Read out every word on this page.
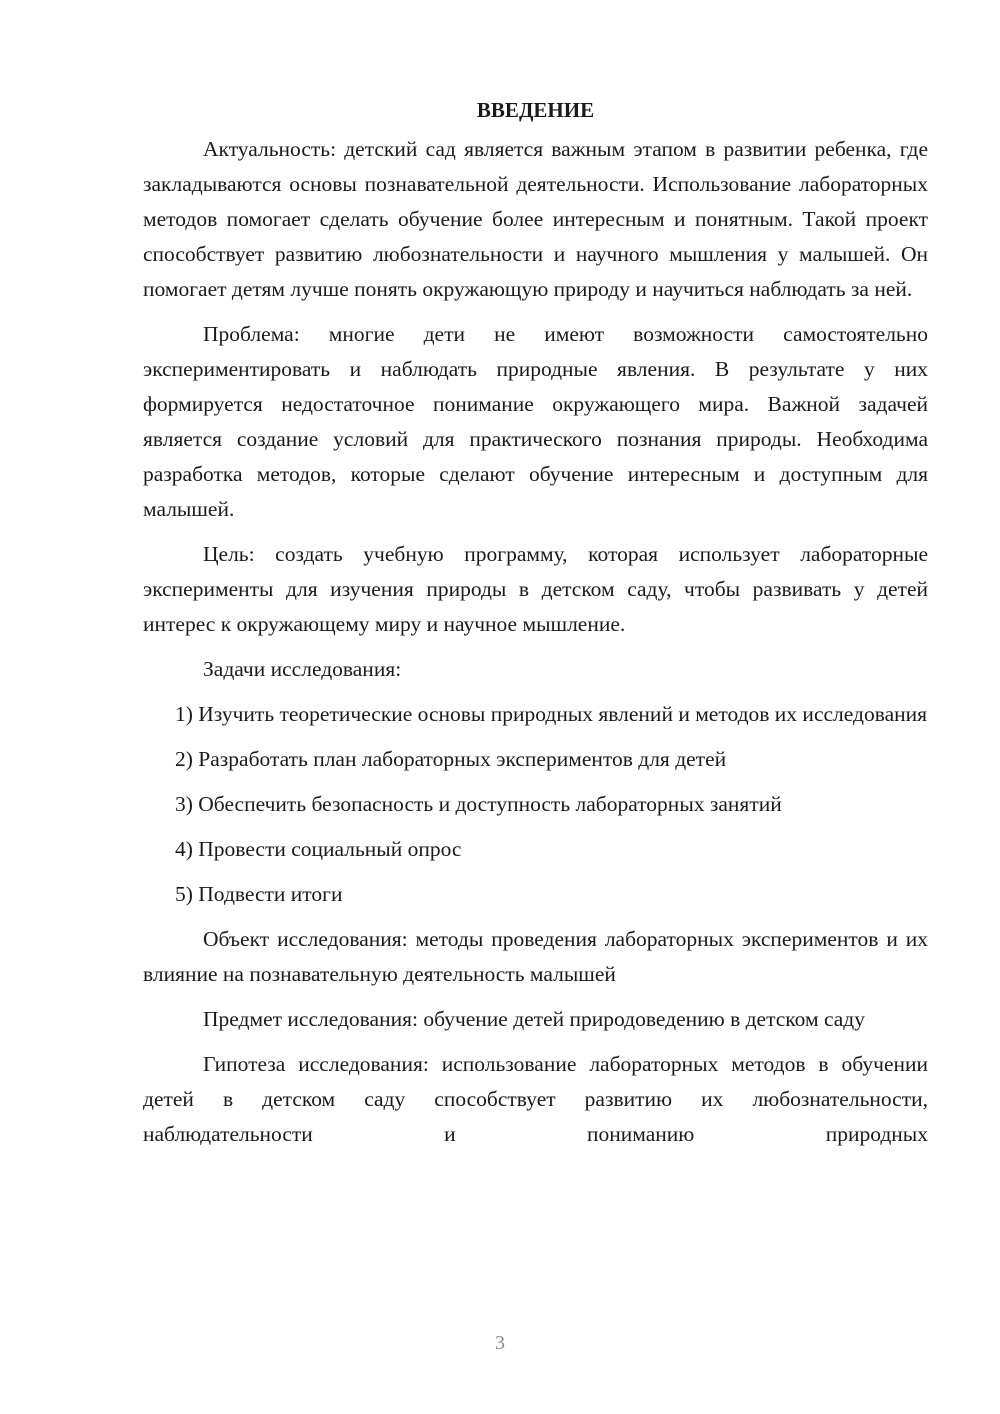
ВВЕДЕНИЕ

Актуальность: детский сад является важным этапом в развитии ребенка, где закладываются основы познавательной деятельности. Использование лабораторных методов помогает сделать обучение более интересным и понятным. Такой проект способствует развитию любознательности и научного мышления у малышей. Он помогает детям лучше понять окружающую природу и научиться наблюдать за ней.

Проблема: многие дети не имеют возможности самостоятельно экспериментировать и наблюдать природные явления. В результате у них формируется недостаточное понимание окружающего мира. Важной задачей является создание условий для практического познания природы. Необходима разработка методов, которые сделают обучение интересным и доступным для малышей.

Цель: создать учебную программу, которая использует лабораторные эксперименты для изучения природы в детском саду, чтобы развивать у детей интерес к окружающему миру и научное мышление.

Задачи исследования:

1) Изучить теоретические основы природных явлений и методов их исследования

2) Разработать план лабораторных экспериментов для детей

3) Обеспечить безопасность и доступность лабораторных занятий

4) Провести социальный опрос

5) Подвести итоги

Объект исследования: методы проведения лабораторных экспериментов и их влияние на познавательную деятельность малышей

Предмет исследования: обучение детей природоведению в детском саду

Гипотеза исследования: использование лабораторных методов в обучении детей в детском саду способствует развитию их любознательности, наблюдательности и пониманию природных

3
